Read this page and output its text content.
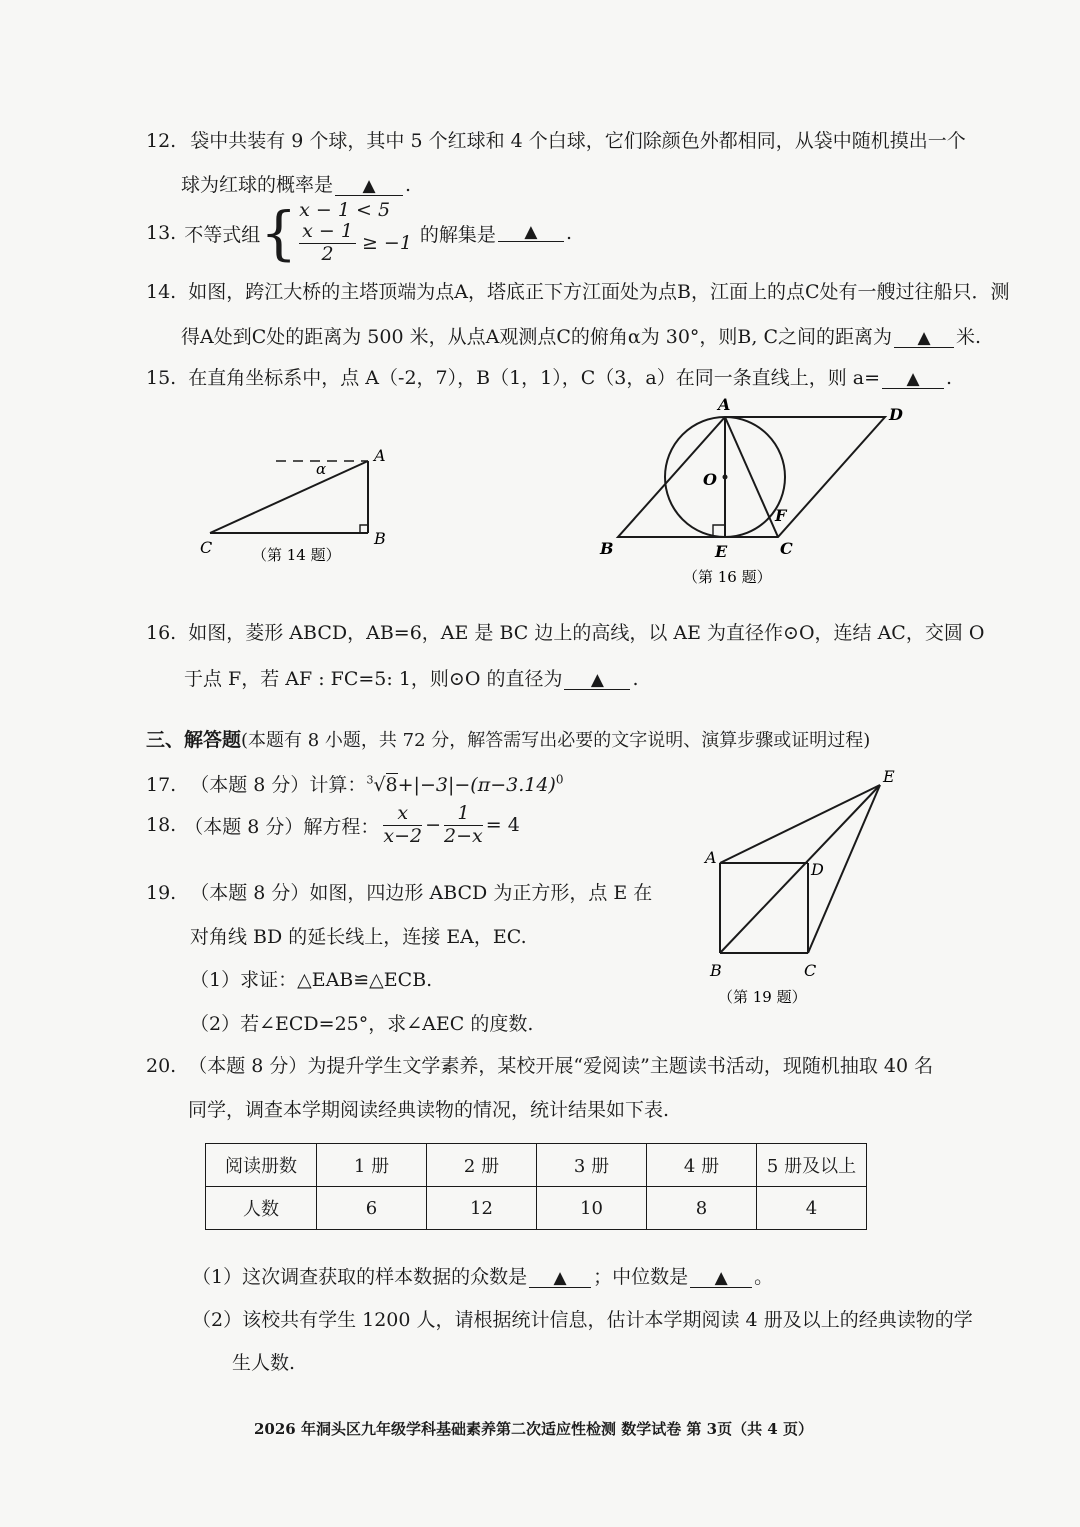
12. 袋中共装有 9 个球，其中 5 个红球和 4 个白球，它们除颜色外都相同，从袋中随机摸出一个
球为红球的概率是 ▲ .
13. 不等式组 { x − 1 < 5
$\frac{x - 1}{2} \ge -1$ 的解集是	▲	.
14. 如图，跨江大桥的主塔顶端为点A，塔底正下方江面处为点B，江面上的点C处有一艘过往船只．测
得A处到C处的距离为 500 米，从点A观测点C的俯角α为 30°，则B, C之间的距离为 ▲ 米.
15. 在直角坐标系中，点 A（-2，7），B（1，1），C（3，a）在同一条直线上，则 a= ▲ .
α
A
B
C	（第 14 题）
A
D
O
F
B	E	C
（第 16 题）
16. 如图，菱形 ABCD，AB=6，AE 是 BC 边上的高线，以 AE 为直径作⊙O，连结 AC，交圆 O
于点 F，若 AF : FC=5: 1，则⊙O 的直径为 ▲ .
三、解答题(本题有 8 小题，共 72 分，解答需写出必要的文字说明、演算步骤或证明过程)
17. （本题 8 分）计算：$^3√8+|-3|-(\pi-3.14)^0$
18. （本题 8 分）解方程： $\frac{x}{x-2} - \frac{1}{2-x} = 4$
19. （本题 8 分）如图，四边形 ABCD 为正方形，点 E 在
对角线 BD 的延长线上，连接 EA，EC.
（1）求证：△EAB≌△ECB.
（2）若∠ECD=25°，求∠AEC 的度数.
A
D
E
B	C
（第 19 题）
20. （本题 8 分）为提升学生文学素养，某校开展“爱阅读”主题读书活动，现随机抽取 40 名
同学，调查本学期阅读经典读物的情况，统计结果如下表.
阅读册数	1 册	2 册	3 册	4 册	5 册及以上
人数	6	12	10	8	4
（1）这次调查获取的样本数据的众数是 ▲ ；中位数是 ▲ 。
（2）该校共有学生 1200 人，请根据统计信息，估计本学期阅读 4 册及以上的经典读物的学
生人数.
2026 年洞头区九年级学科基础素养第二次适应性检测 数学试卷 第 3页（共 4 页）
